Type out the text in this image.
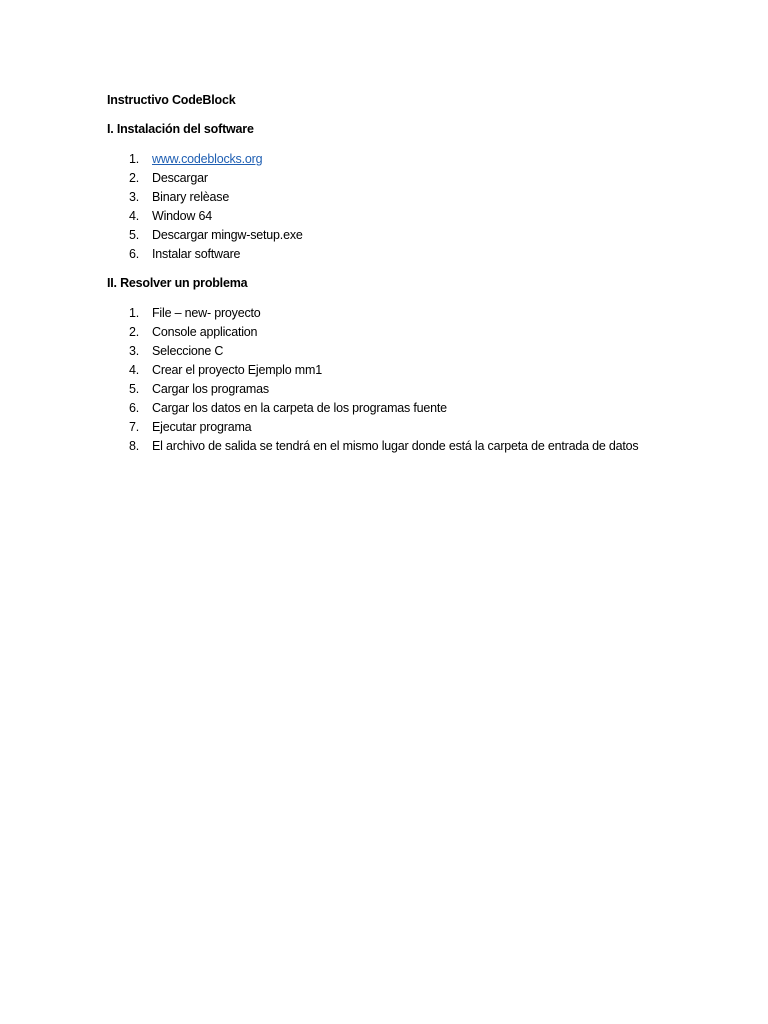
Instructivo CodeBlock

I. Instalación del software

1. www.codeblocks.org
2. Descargar
3. Binary relèase
4. Window 64
5. Descargar mingw-setup.exe
6. Instalar software

II. Resolver un problema

1. File – new- proyecto
2. Console application
3. Seleccione C
4. Crear el proyecto Ejemplo mm1
5. Cargar los programas
6. Cargar los datos en la carpeta de los programas fuente
7. Ejecutar programa
8. El archivo de salida se tendrá en el mismo lugar donde está la carpeta de entrada de datos
